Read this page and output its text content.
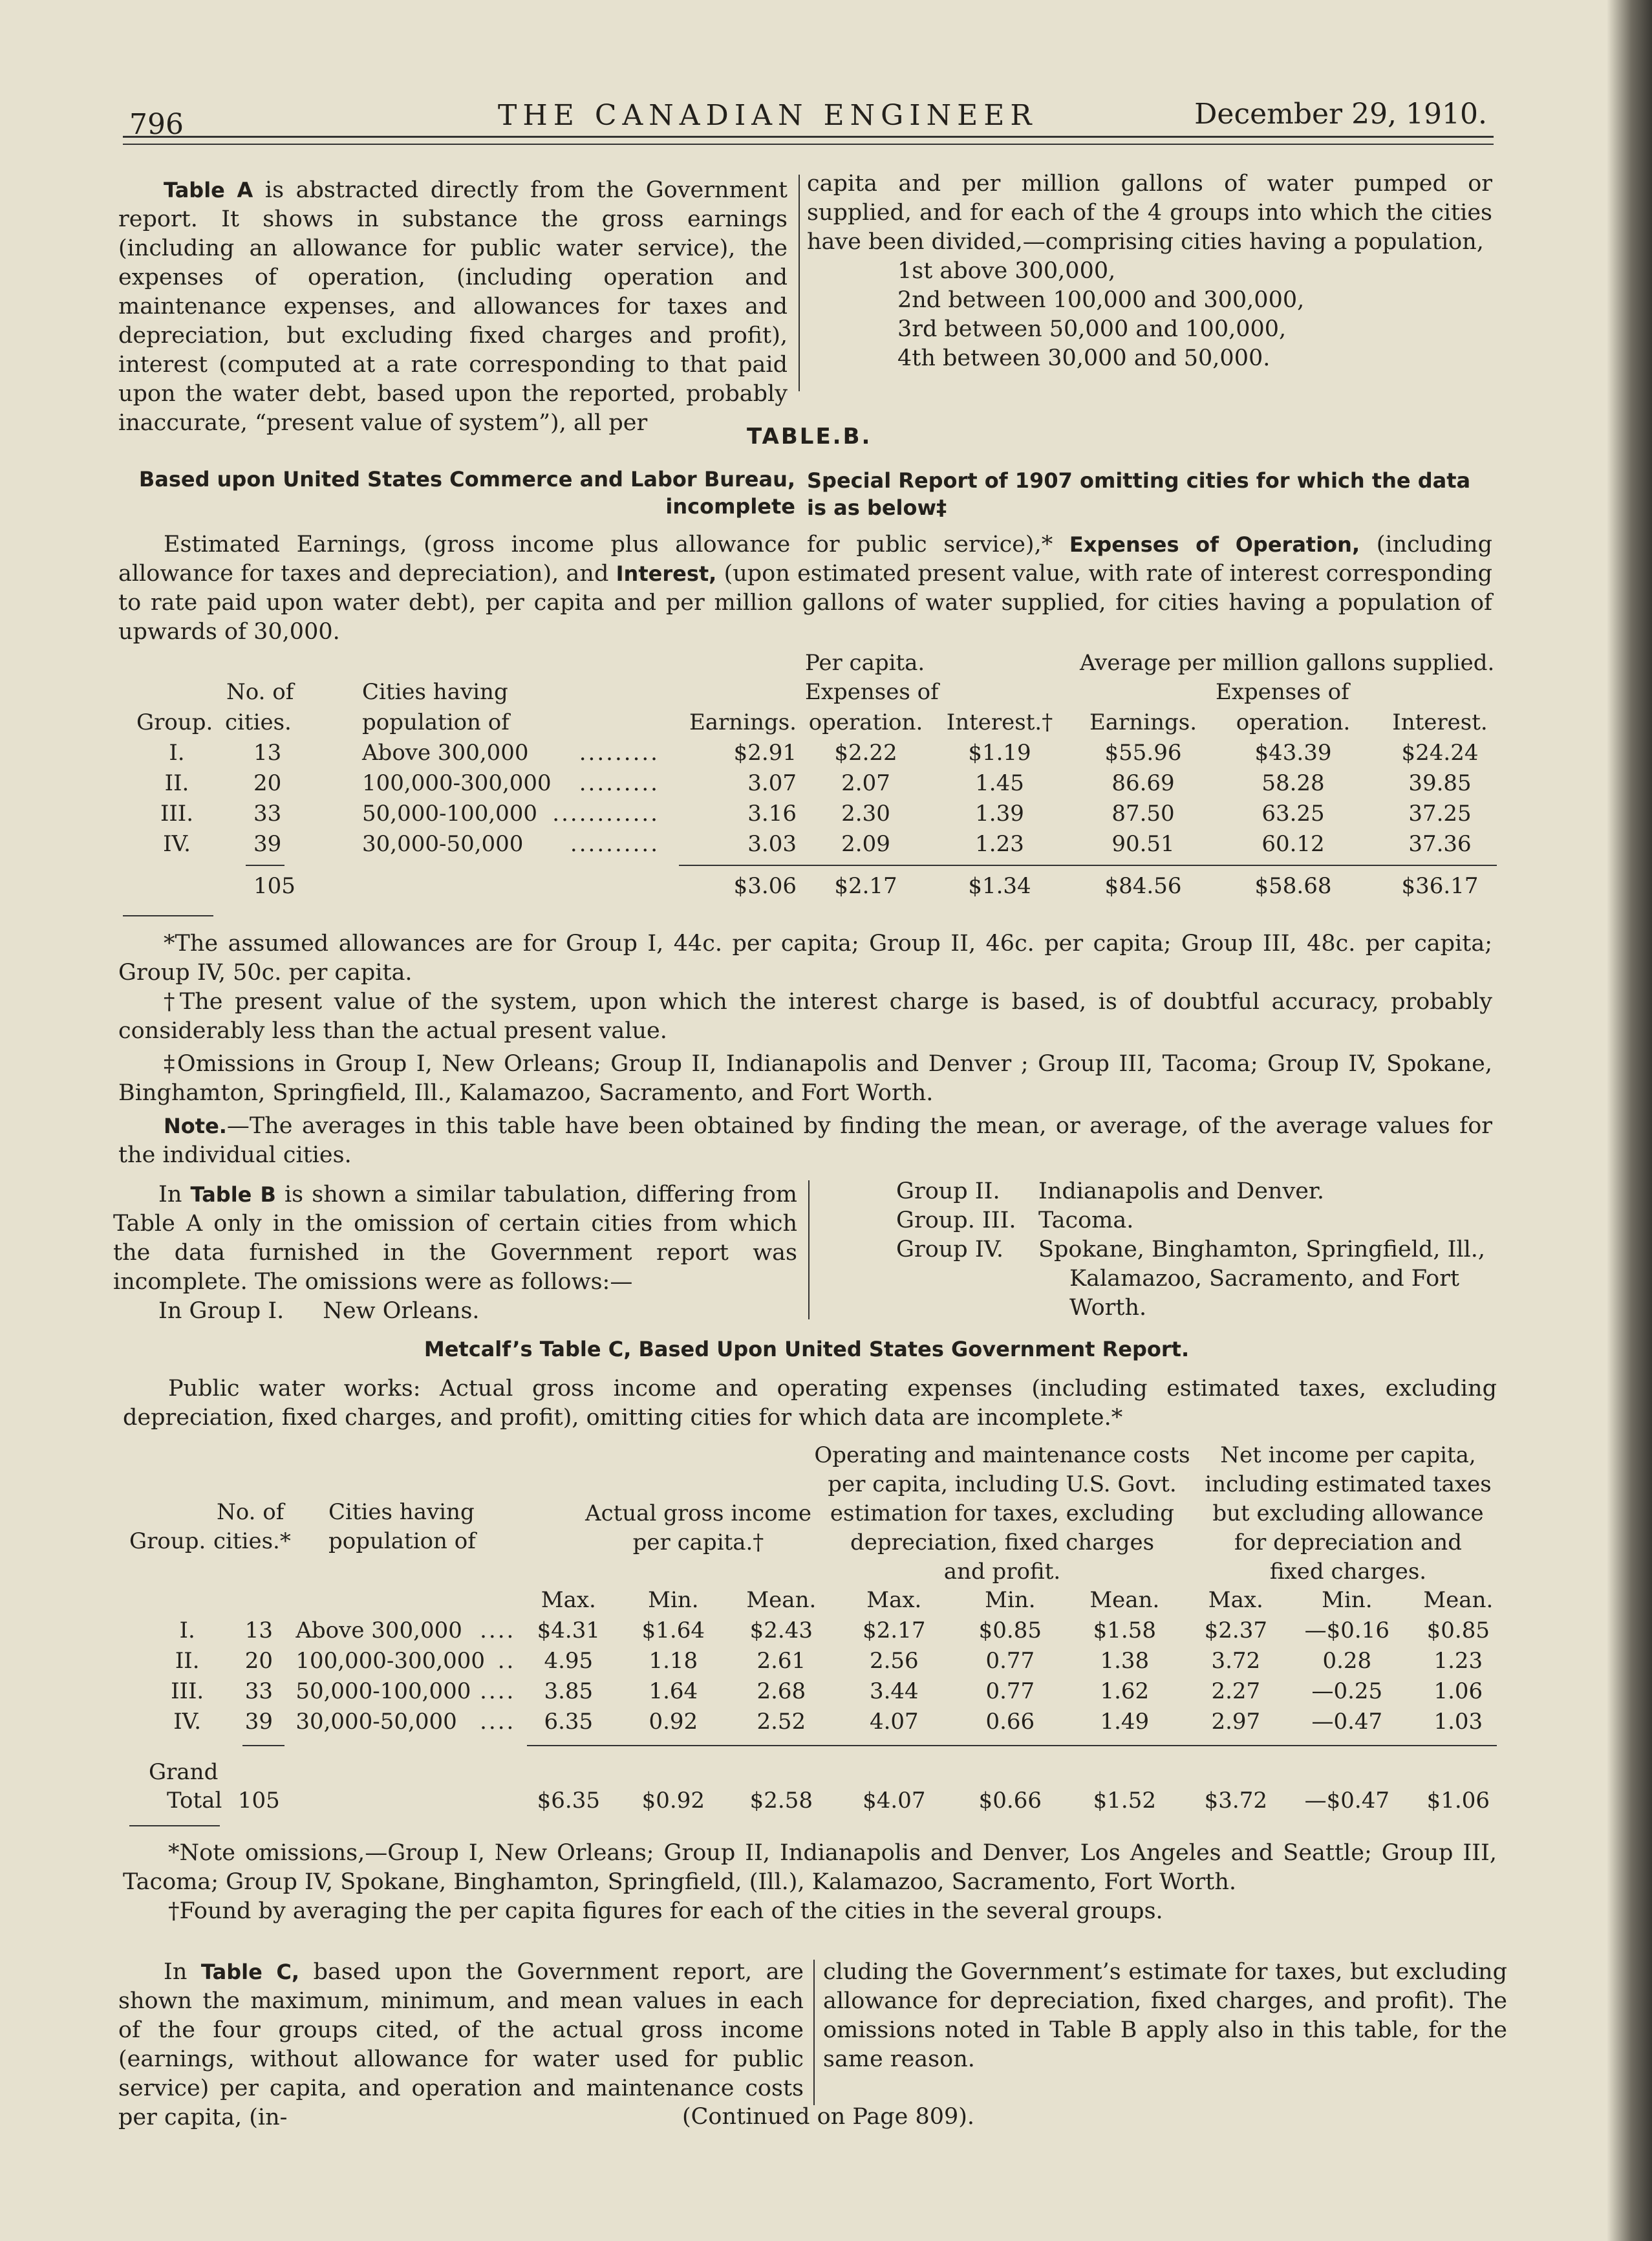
796	THE CANADIAN ENGINEER	December 29, 1910.

Table A is abstracted directly from the Government report. It shows in substance the gross earnings (including an allowance for public water service), the expenses of operation, (including operation and maintenance expenses, and allowances for taxes and depreciation, but excluding fixed charges and profit), interest (computed at a rate corresponding to that paid upon the water debt, based upon the reported, probably inaccurate, “present value of system”), all per

capita and per million gallons of water pumped or supplied, and for each of the 4 groups into which the cities have been divided,—comprising cities having a population,

1st above 300,000,
2nd between 100,000 and 300,000,
3rd between 50,000 and 100,000,
4th between 30,000 and 50,000.
TABLE.B.
Based upon United States Commerce and Labor Bureau, incomplete
Special Report of 1907 omitting cities for which the data is as below‡

Estimated Earnings, (gross income plus allowance for public service),* Expenses of Operation, (including allowance for taxes and depreciation), and Interest, (upon estimated present value, with rate of interest corresponding to rate paid upon water debt), per capita and per million gallons of water supplied, for cities having a population of upwards of 30,000.

Per capita.	Average per million gallons supplied.
No. of	Cities having	Expenses of	Expenses of
Group.	cities.	population of	Earnings.	operation.	Interest.†	Earnings.	operation.	Interest.
I.	13	Above 300,000 .........	$2.91	$2.22	$1.19	$55.96	$43.39	$24.24
II.	20	100,000-300,000 .........	3.07	2.07	1.45	86.69	58.28	39.85
III.	33	50,000-100,000 ............	3.16	2.30	1.39	87.50	63.25	37.25
IV.	39	30,000-50,000 ..........	3.03	2.09	1.23	90.51	60.12	37.36
	105		$3.06	$2.17	$1.34	$84.56	$58.68	$36.17

*The assumed allowances are for Group I, 44c. per capita; Group II, 46c. per capita; Group III, 48c. per capita; Group IV, 50c. per capita.

†The present value of the system, upon which the interest charge is based, is of doubtful accuracy, probably considerably less than the actual present value.

‡Omissions in Group I, New Orleans; Group II, Indianapolis and Denver ; Group III, Tacoma; Group IV, Spokane, Binghamton, Springfield, Ill., Kalamazoo, Sacramento, and Fort Worth.

Note.—The averages in this table have been obtained by finding the mean, or average, of the average values for the individual cities.

In Table B is shown a similar tabulation, differing from Table A only in the omission of certain cities from which the data furnished in the Government report was incomplete. The omissions were as follows:—

In Group I. New Orleans.
Group II. Indianapolis and Denver.
Group. III. Tacoma.
Group IV. Spokane, Binghamton, Springfield, Ill.,
Kalamazoo, Sacramento, and Fort
Worth.
Metcalf’s Table C, Based Upon United States Government Report.

Public water works: Actual gross income and operating expenses (including estimated taxes, excluding depreciation, fixed charges, and profit), omitting cities for which data are incomplete.*

Operating and maintenance costs
per capita, including U.S. Govt.
estimation for taxes, excluding
depreciation, fixed charges
and profit.
Net income per capita,
including estimated taxes
but excluding allowance
for depreciation and
fixed charges.
Actual gross income
per capita.†
No. of Cities having
Group. cities.* population of
			Max.	Min.	Mean.	Max.	Min.	Mean.	Max.	Min.	Mean.
I.	13	Above 300,000 ....	$4.31	$1.64	$2.43	$2.17	$0.85	$1.58	$2.37	—$0.16	$0.85
II.	20	100,000-300,000 ..	4.95	1.18	2.61	2.56	0.77	1.38	3.72	0.28	1.23
III.	33	50,000-100,000 ....	3.85	1.64	2.68	3.44	0.77	1.62	2.27	—0.25	1.06
IV.	39	30,000-50,000 ....	6.35	0.92	2.52	4.07	0.66	1.49	2.97	—0.47	1.03
Grand											
Total	105		$6.35	$0.92	$2.58	$4.07	$0.66	$1.52	$3.72	—$0.47	$1.06

*Note omissions,—Group I, New Orleans; Group II, Indianapolis and Denver, Los Angeles and Seattle; Group III, Tacoma; Group IV, Spokane, Binghamton, Springfield, (Ill.), Kalamazoo, Sacramento, Fort Worth.

†Found by averaging the per capita figures for each of the cities in the several groups.

In Table C, based upon the Government report, are shown the maximum, minimum, and mean values in each of the four groups cited, of the actual gross income (earnings, without allowance for water used for public service) per capita, and operation and maintenance costs per capita, (in-

cluding the Government’s estimate for taxes, but excluding allowance for depreciation, fixed charges, and profit). The omissions noted in Table B apply also in this table, for the same reason.

(Continued on Page 809).
